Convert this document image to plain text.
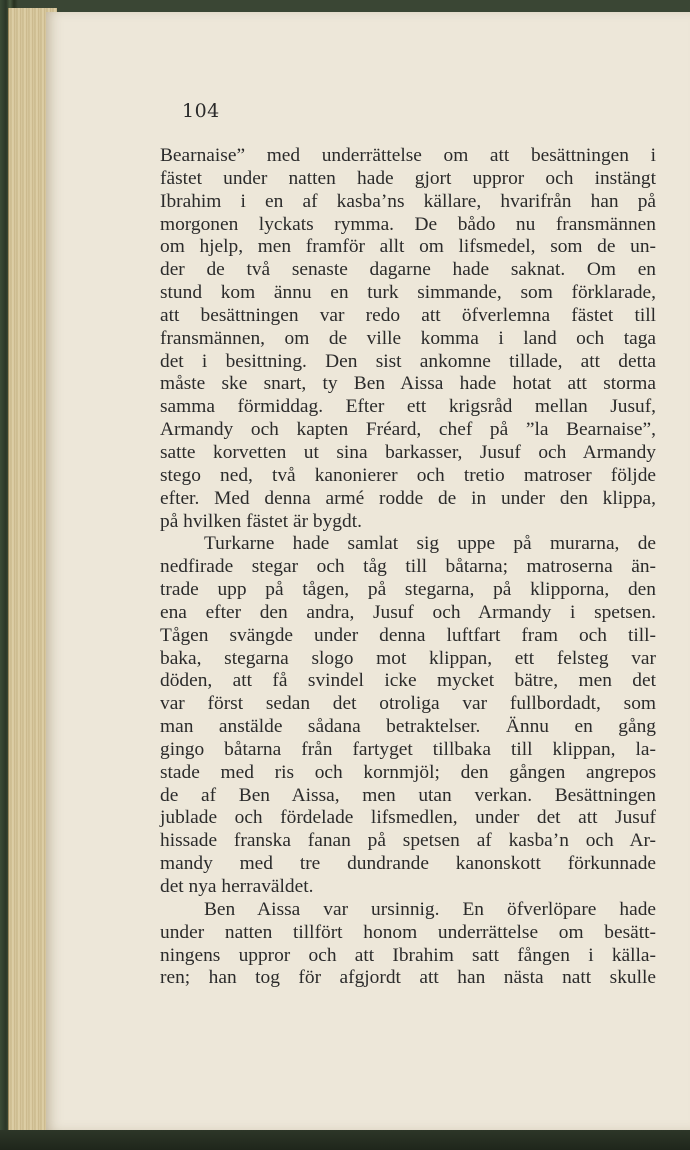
104
Bearnaise” med underrättelse om att besättningen i
fästet under natten hade gjort uppror och instängt
Ibrahim i en af kasba’ns källare, hvarifrån han på
morgonen lyckats rymma. De bådo nu fransmännen
om hjelp, men framför allt om lifsmedel, som de un-
der de två senaste dagarne hade saknat. Om en
stund kom ännu en turk simmande, som förklarade,
att besättningen var redo att öfverlemna fästet till
fransmännen, om de ville komma i land och taga
det i besittning. Den sist ankomne tillade, att detta
måste ske snart, ty Ben Aissa hade hotat att storma
samma förmiddag. Efter ett krigsråd mellan Jusuf,
Armandy och kapten Fréard, chef på ”la Bearnaise”,
satte korvetten ut sina barkasser, Jusuf och Armandy
stego ned, två kanonierer och tretio matroser följde
efter. Med denna armé rodde de in under den klippa,
på hvilken fästet är bygdt.
Turkarne hade samlat sig uppe på murarna, de
nedfirade stegar och tåg till båtarna; matroserna än-
trade upp på tågen, på stegarna, på klipporna, den
ena efter den andra, Jusuf och Armandy i spetsen.
Tågen svängde under denna luftfart fram och till-
baka, stegarna slogo mot klippan, ett felsteg var
döden, att få svindel icke mycket bätre, men det
var först sedan det otroliga var fullbordadt, som
man anstälde sådana betraktelser. Ännu en gång
gingo båtarna från fartyget tillbaka till klippan, la-
stade med ris och kornmjöl; den gången angrepos
de af Ben Aissa, men utan verkan. Besättningen
jublade och fördelade lifsmedlen, under det att Jusuf
hissade franska fanan på spetsen af kasba’n och Ar-
mandy med tre dundrande kanonskott förkunnade
det nya herraväldet.
Ben Aissa var ursinnig. En öfverlöpare hade
under natten tillfört honom underrättelse om besätt-
ningens uppror och att Ibrahim satt fången i källa-
ren; han tog för afgjordt att han nästa natt skulle
